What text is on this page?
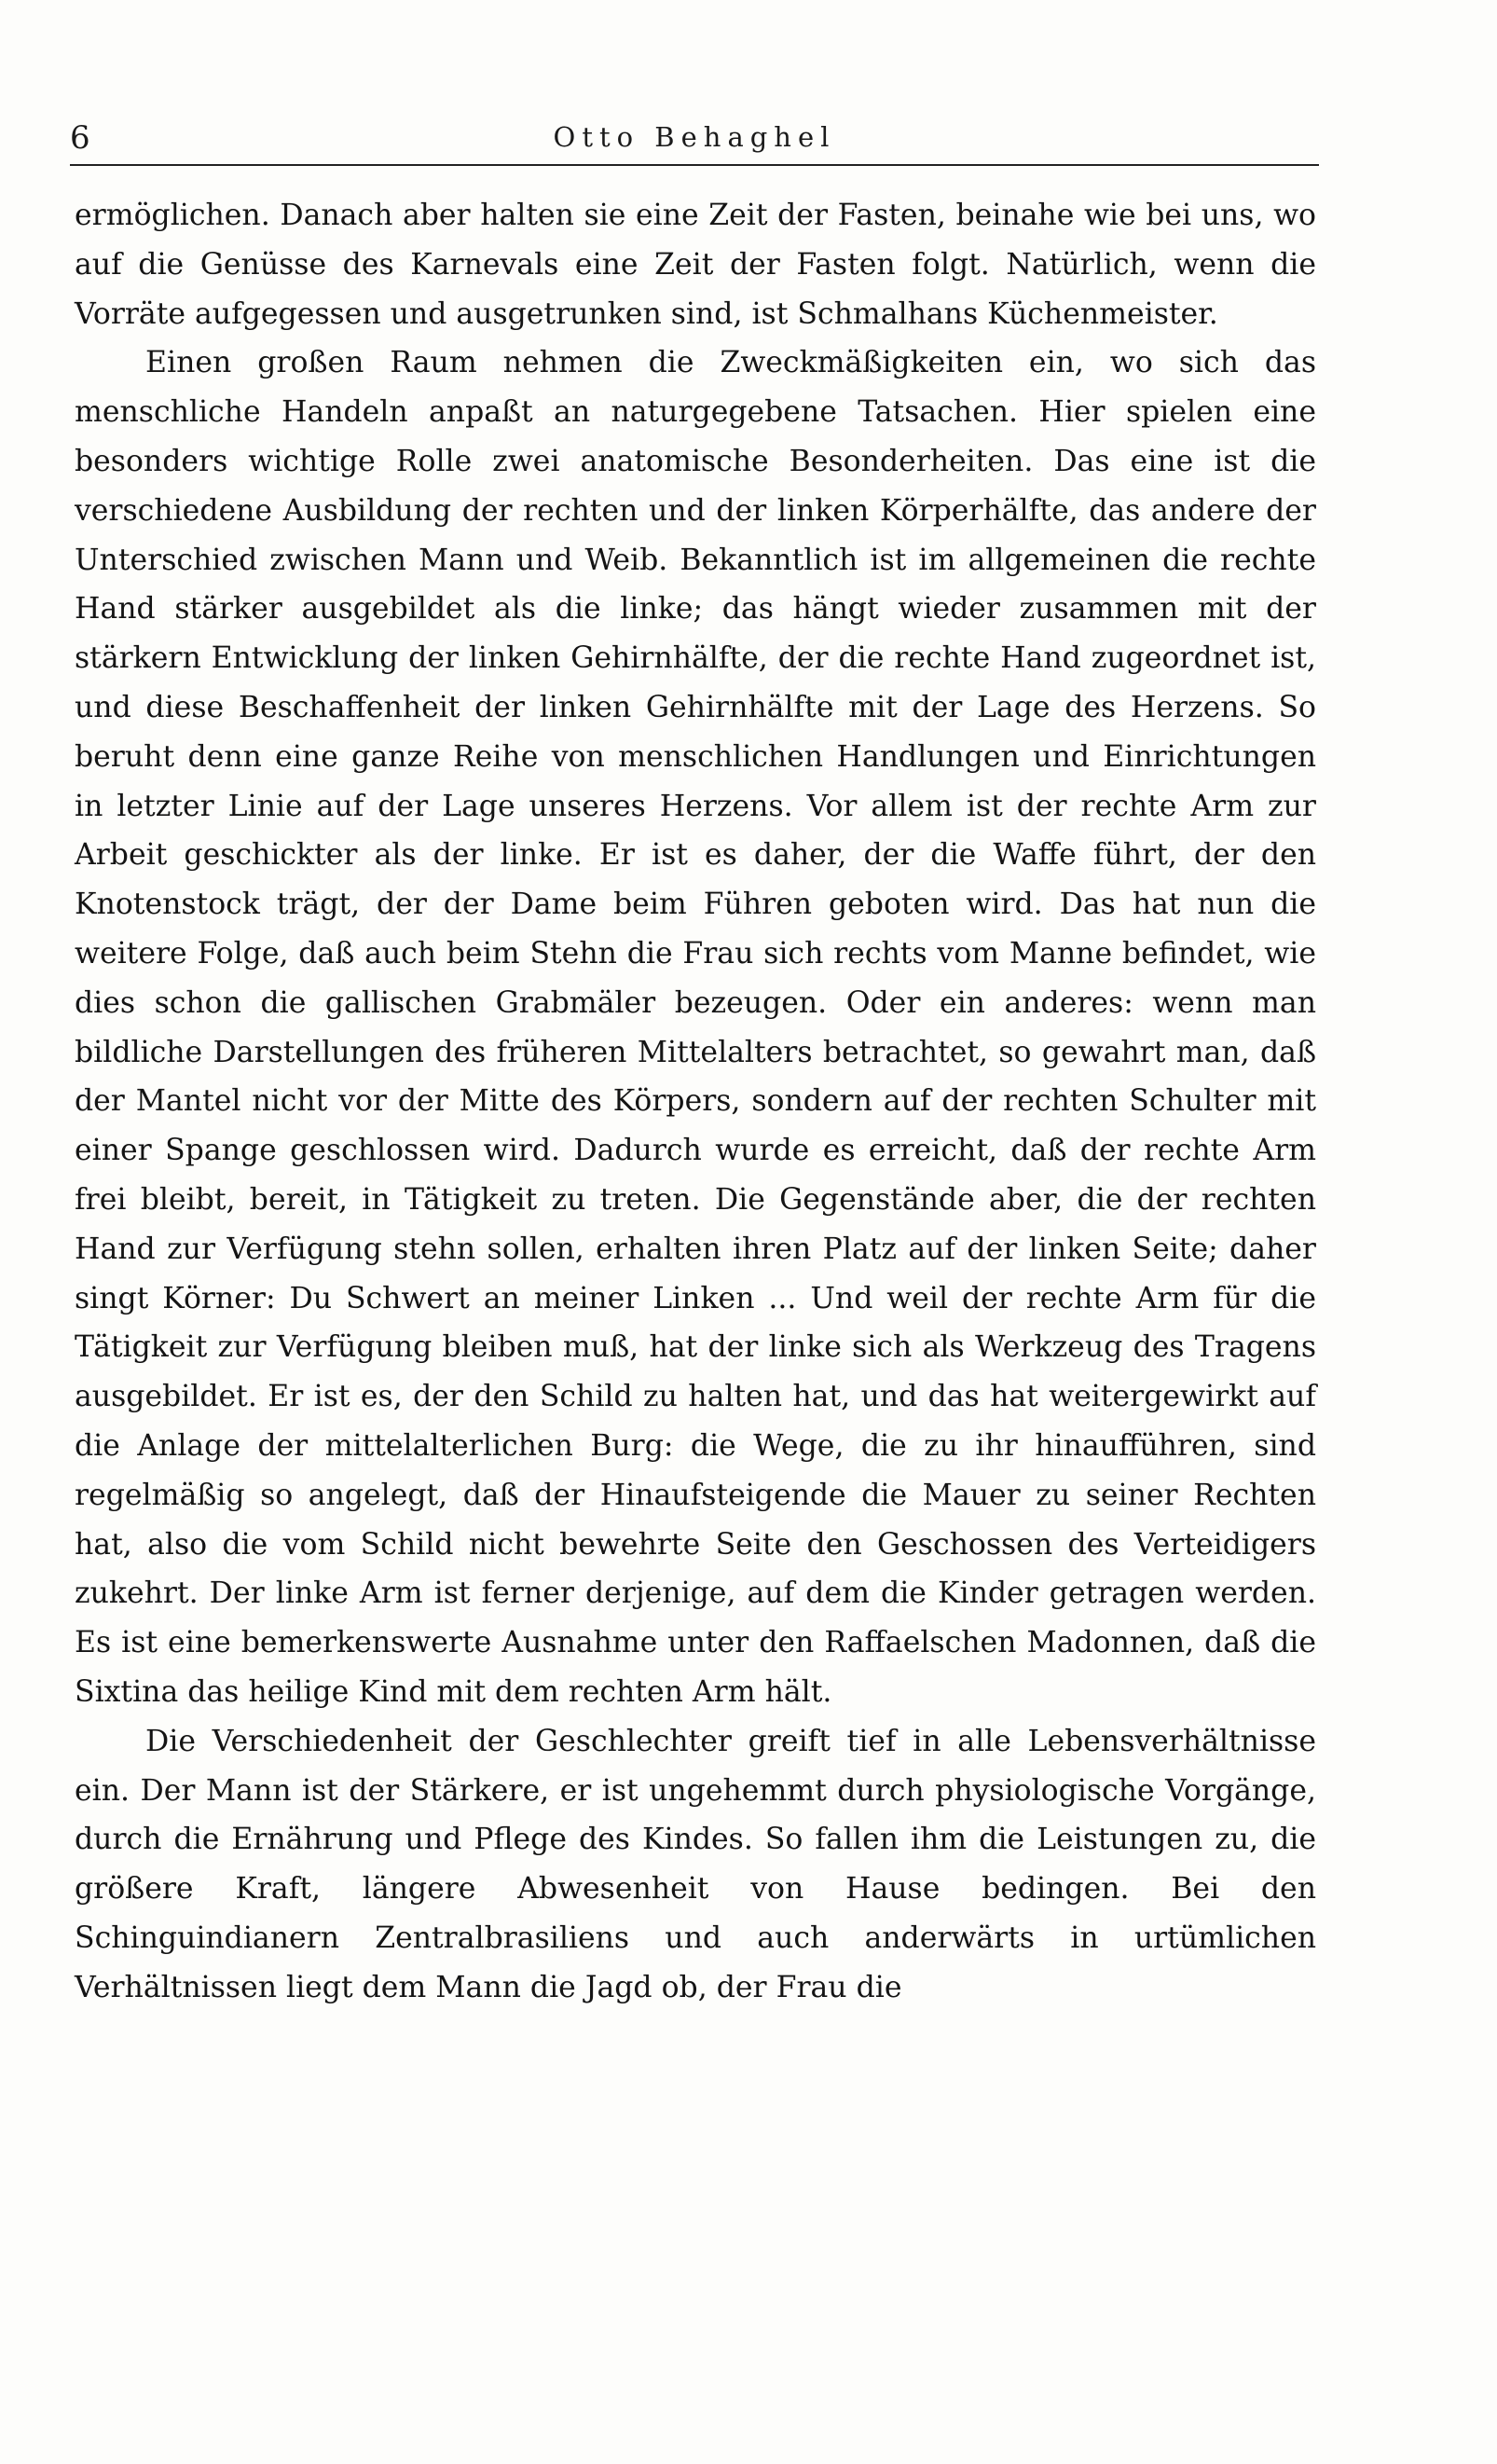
6	Otto Behaghel

ermöglichen. Danach aber halten sie eine Zeit der Fasten, beinahe wie bei uns, wo auf die Genüsse des Karnevals eine Zeit der Fasten folgt. Natürlich, wenn die Vorräte aufgegessen und ausgetrunken sind, ist Schmalhans Küchenmeister.

Einen großen Raum nehmen die Zweckmäßigkeiten ein, wo sich das menschliche Handeln anpaßt an naturgegebene Tatsachen. Hier spielen eine besonders wichtige Rolle zwei anatomische Besonderheiten. Das eine ist die verschiedene Ausbildung der rechten und der linken Körperhälfte, das andere der Unterschied zwischen Mann und Weib. Bekanntlich ist im allgemeinen die rechte Hand stärker ausgebildet als die linke; das hängt wieder zusammen mit der stärkern Entwicklung der linken Gehirnhälfte, der die rechte Hand zugeordnet ist, und diese Beschaffenheit der linken Gehirnhälfte mit der Lage des Herzens. So beruht denn eine ganze Reihe von menschlichen Handlungen und Einrichtungen in letzter Linie auf der Lage unseres Herzens. Vor allem ist der rechte Arm zur Arbeit geschickter als der linke. Er ist es daher, der die Waffe führt, der den Knotenstock trägt, der der Dame beim Führen geboten wird. Das hat nun die weitere Folge, daß auch beim Stehn die Frau sich rechts vom Manne befindet, wie dies schon die gallischen Grabmäler bezeugen. Oder ein anderes: wenn man bildliche Darstellungen des früheren Mittelalters betrachtet, so gewahrt man, daß der Mantel nicht vor der Mitte des Körpers, sondern auf der rechten Schulter mit einer Spange geschlossen wird. Dadurch wurde es erreicht, daß der rechte Arm frei bleibt, bereit, in Tätigkeit zu treten. Die Gegenstände aber, die der rechten Hand zur Verfügung stehn sollen, erhalten ihren Platz auf der linken Seite; daher singt Körner: Du Schwert an meiner Linken ... Und weil der rechte Arm für die Tätigkeit zur Verfügung bleiben muß, hat der linke sich als Werkzeug des Tragens ausgebildet. Er ist es, der den Schild zu halten hat, und das hat weitergewirkt auf die Anlage der mittelalterlichen Burg: die Wege, die zu ihr hinaufführen, sind regelmäßig so angelegt, daß der Hinaufsteigende die Mauer zu seiner Rechten hat, also die vom Schild nicht bewehrte Seite den Geschossen des Verteidigers zukehrt. Der linke Arm ist ferner derjenige, auf dem die Kinder getragen werden. Es ist eine bemerkenswerte Ausnahme unter den Raffaelschen Madonnen, daß die Sixtina das heilige Kind mit dem rechten Arm hält.

Die Verschiedenheit der Geschlechter greift tief in alle Lebensverhältnisse ein. Der Mann ist der Stärkere, er ist ungehemmt durch physiologische Vorgänge, durch die Ernährung und Pflege des Kindes. So fallen ihm die Leistungen zu, die größere Kraft, längere Abwesenheit von Hause bedingen. Bei den Schinguindianern Zentralbrasiliens und auch anderwärts in urtümlichen Verhältnissen liegt dem Mann die Jagd ob, der Frau die
